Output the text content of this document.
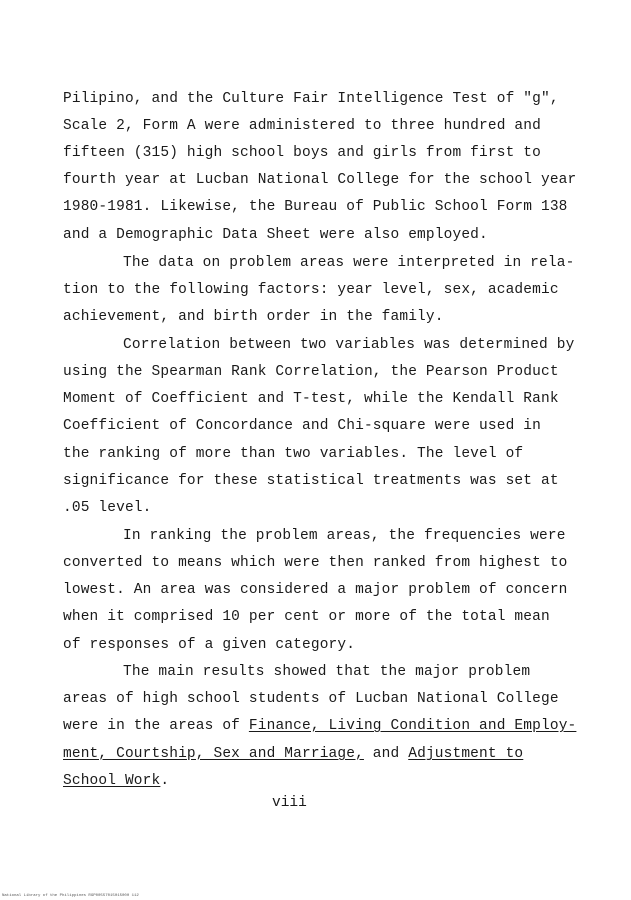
Pilipino, and the Culture Fair Intelligence Test of "g",
Scale 2, Form A were administered to three hundred and
fifteen (315) high school boys and girls from first to
fourth year at Lucban National College for the school year
1980-1981. Likewise, the Bureau of Public School Form 138
and a Demographic Data Sheet were also employed.
The data on problem areas were interpreted in rela-
tion to the following factors: year level, sex, academic
achievement, and birth order in the family.
Correlation between two variables was determined by
using the Spearman Rank Correlation, the Pearson Product
Moment of Coefficient and T-test, while the Kendall Rank
Coefficient of Concordance and Chi-square were used in
the ranking of more than two variables. The level of
significance for these statistical treatments was set at
.05 level.
In ranking the problem areas, the frequencies were
converted to means which were then ranked from highest to
lowest. An area was considered a major problem of concern
when it comprised 10 per cent or more of the total mean
of responses of a given category.
The main results showed that the major problem
areas of high school students of Lucban National College
were in the areas of Finance, Living Condition and Employ-
ment, Courtship, Sex and Marriage, and Adjustment to
School Work.
viii
National Library of the Philippines RGP00557015015000 112
